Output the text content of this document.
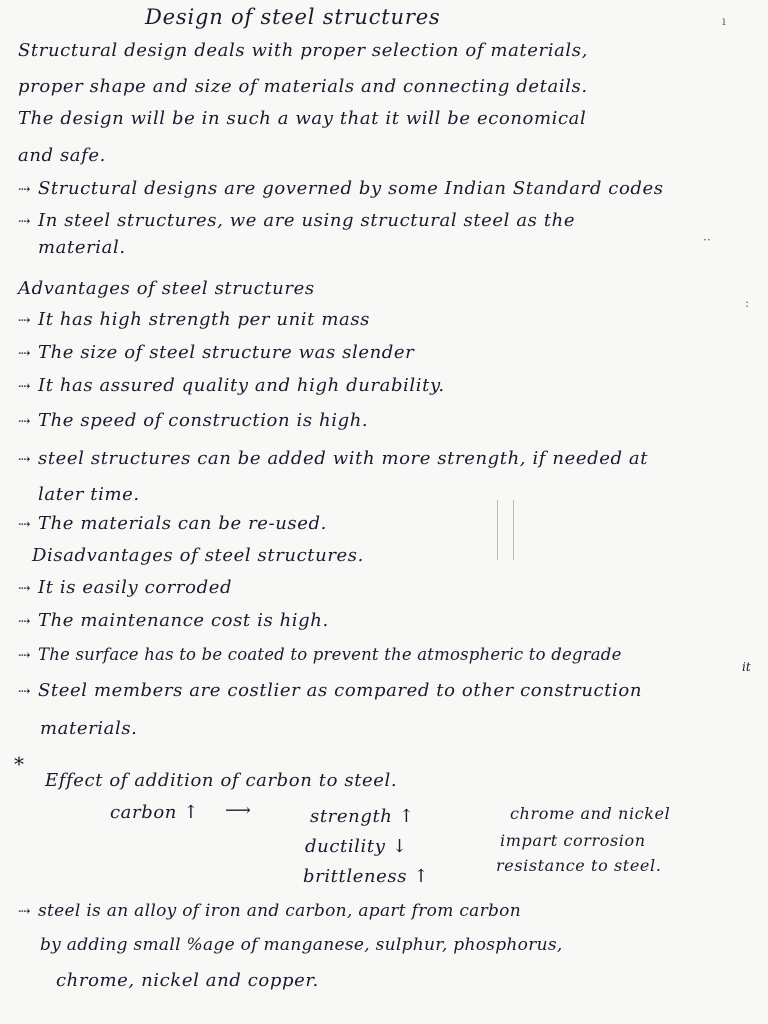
Design of steel structures
Structural design deals with proper selection of materials,
proper shape and size of materials and connecting details.
The design will be in such a way that it will be economical
and safe.
⇢ Structural designs are governed by some Indian Standard codes
⇢ In steel structures, we are using structural steel as the
material.
Advantages of steel structures
⇢ It has high strength per unit mass
⇢ The size of steel structure was slender
⇢ It has assured quality and high durability.
⇢ The speed of construction is high.
⇢ steel structures can be added with more strength, if needed at
later time.
⇢ The materials can be re-used.
Disadvantages of steel structures.
⇢ It is easily corroded
⇢ The maintenance cost is high.
⇢ The surface has to be coated to prevent the atmospheric to degrade
it
⇢ Steel members are costlier as compared to other construction
materials.
*
Effect of addition of carbon to steel.
carbon ↑ ⟶	strength ↑
ductility ↓
brittleness ↑
chrome and nickel
impart corrosion
resistance to steel.
⇢ steel is an alloy of iron and carbon, apart from carbon
by adding small %age of manganese, sulphur, phosphorus,
chrome, nickel and copper.
ı
··
:
